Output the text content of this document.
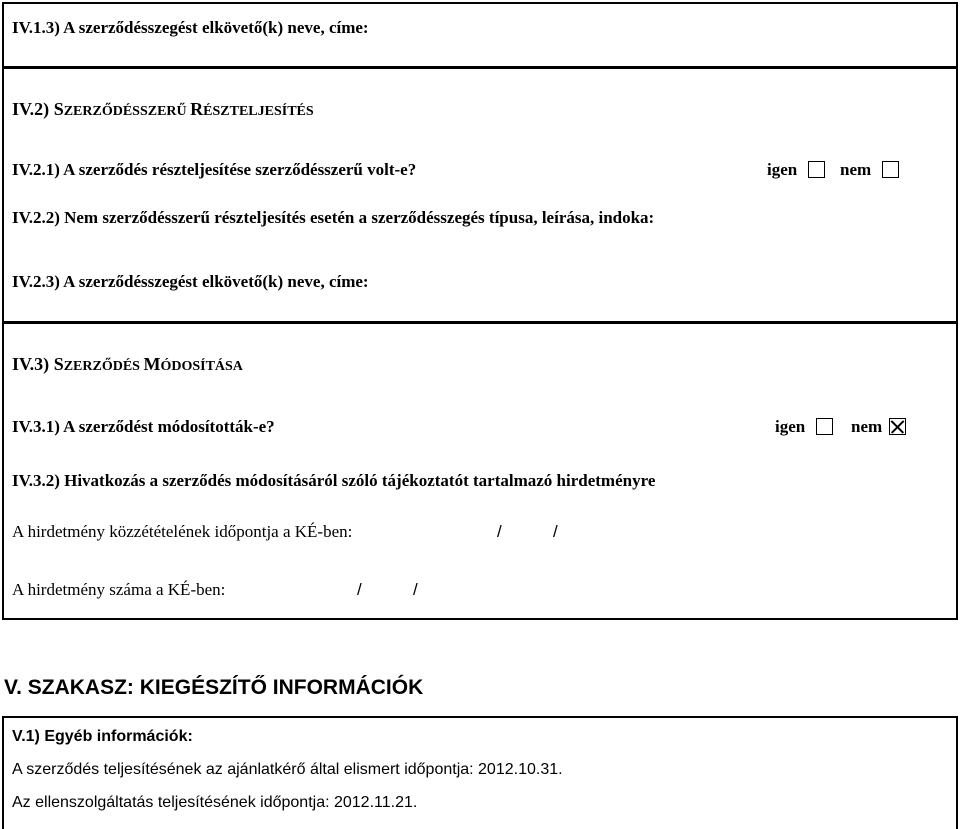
IV.1.3) A szerződésszegést elkövető(k) neve, címe:
IV.2) SZERZŐDÉSSZERŰ RÉSZTELJESÍTÉS
IV.2.1) A szerződés részteljesítése szerződésszerű volt-e?	igen	nem
IV.2.2) Nem szerződésszerű részteljesítés esetén a szerződésszegés típusa, leírása, indoka:
IV.2.3) A szerződésszegést elkövető(k) neve, címe:
IV.3) SZERZŐDÉS MÓDOSÍTÁSA
IV.3.1) A szerződést módosították-e?	igen	nem
IV.3.2) Hivatkozás a szerződés módosításáról szóló tájékoztatót tartalmazó hirdetményre
A hirdetmény közzétételének időpontja a KÉ-ben:	/	/
A hirdetmény száma a KÉ-ben:	/	/
V. SZAKASZ: KIEGÉSZÍTŐ INFORMÁCIÓK
V.1) Egyéb információk:
A szerződés teljesítésének az ajánlatkérő által elismert időpontja: 2012.10.31.
Az ellenszolgáltatás teljesítésének időpontja: 2012.11.21.
